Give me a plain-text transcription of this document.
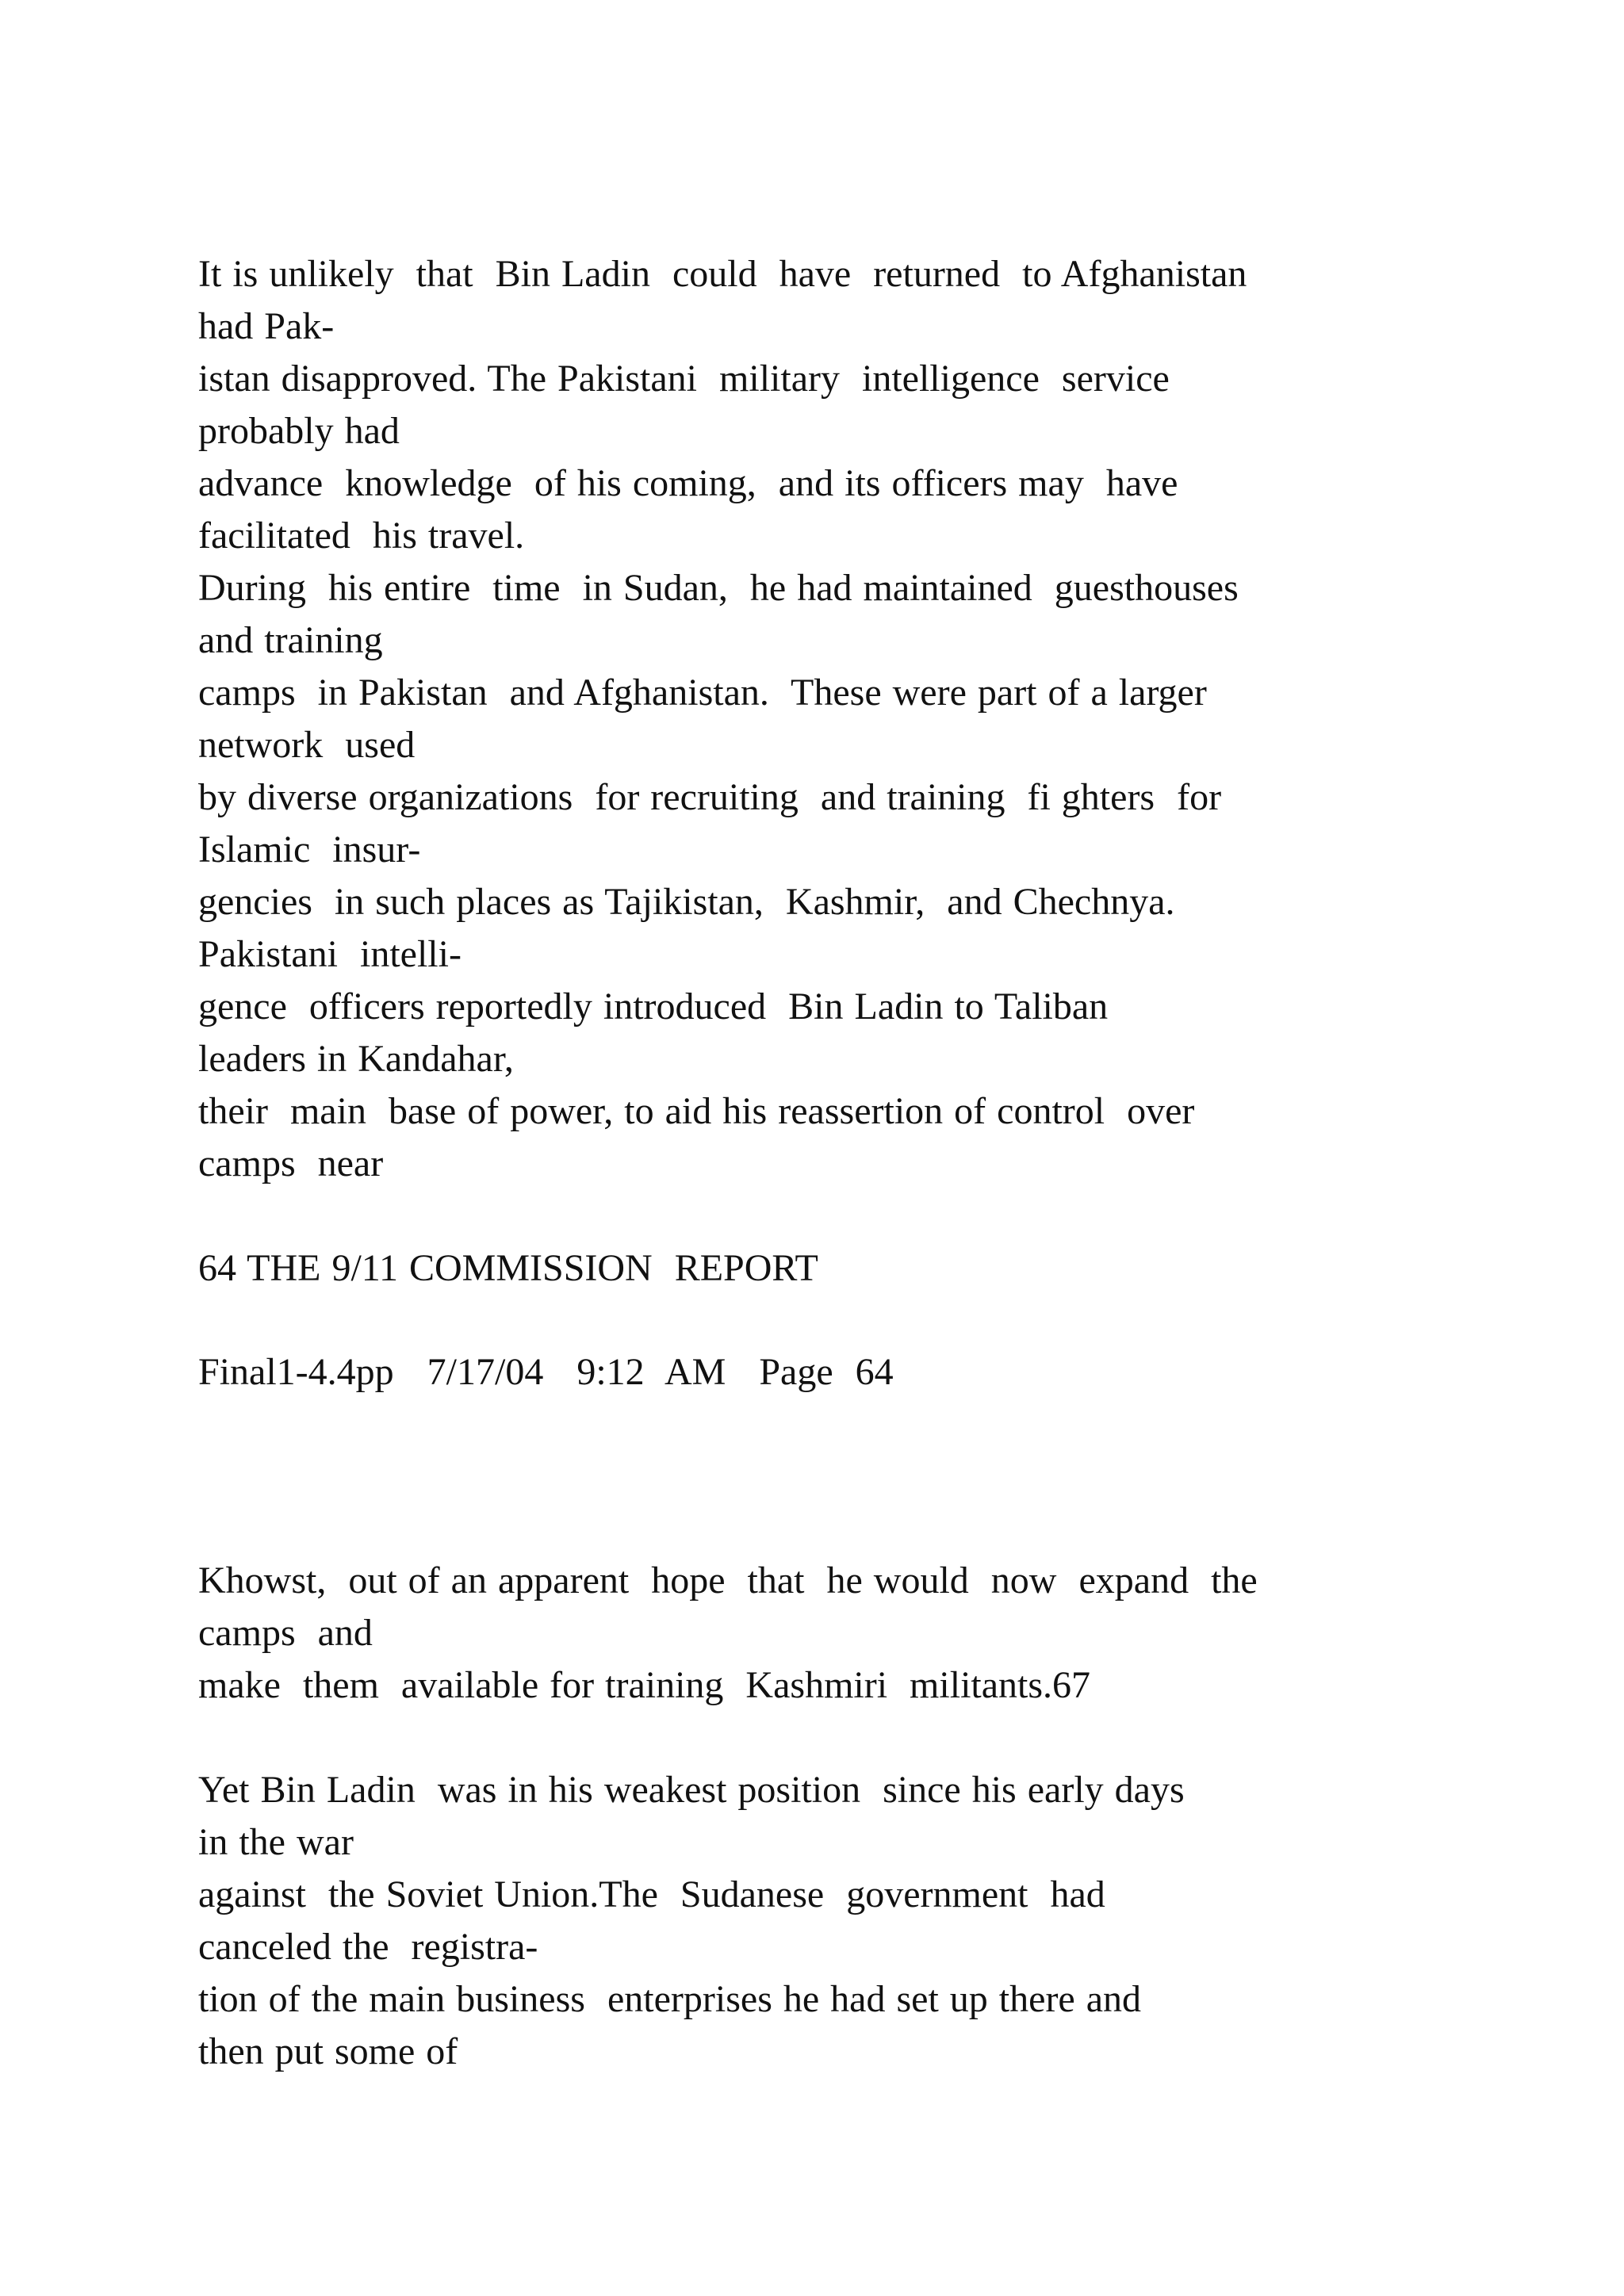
It is unlikely  that  Bin Ladin  could  have  returned  to Afghanistan

had Pak-

istan disapproved. The Pakistani  military  intelligence  service

probably had

advance  knowledge  of his coming,  and its officers may  have

facilitated  his travel.

During  his entire  time  in Sudan,  he had maintained  guesthouses

and training

camps  in Pakistan  and Afghanistan.  These were part of a larger

network  used

by diverse organizations  for recruiting  and training  fi ghters  for

Islamic  insur-

gencies  in such places as Tajikistan,  Kashmir,  and Chechnya.

Pakistani  intelli-

gence  officers reportedly introduced  Bin Ladin to Taliban

leaders in Kandahar,

their  main  base of power, to aid his reassertion of control  over

camps  near

64 THE 9/11 COMMISSION  REPORT

Final1-4.4pp   7/17/04   9:12  AM   Page  64

Khowst,  out of an apparent  hope  that  he would  now  expand  the

camps  and

make  them  available for training  Kashmiri  militants.67

Yet Bin Ladin  was in his weakest position  since his early days

in the war

against  the Soviet Union.The  Sudanese  government  had

canceled the  registra-

tion of the main business  enterprises he had set up there and

then put some of
